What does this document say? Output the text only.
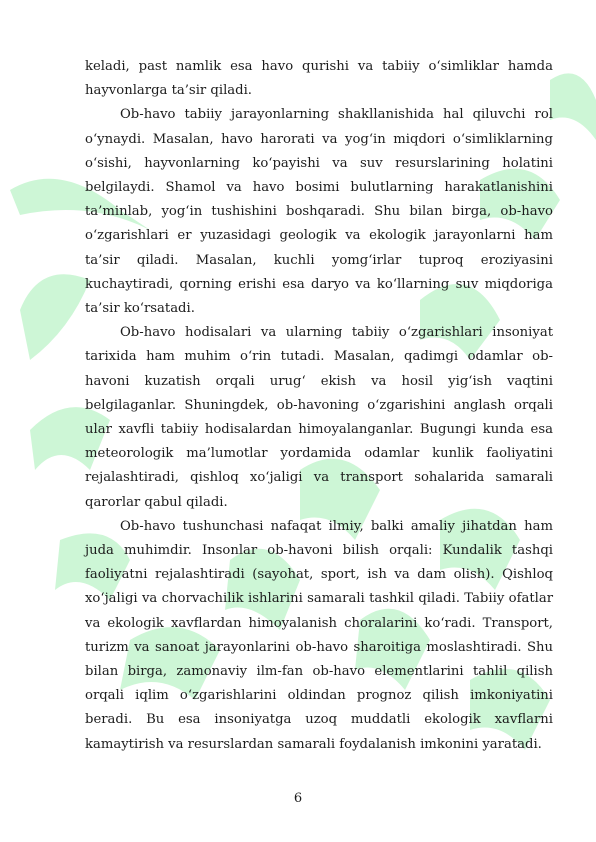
keladi, past namlik esa havo qurishi va tabiiy o‘simliklar hamda hayvonlarga ta’sir qiladi.

Ob-havo tabiiy jarayonlarning shakllanishida hal qiluvchi rol o‘ynaydi. Masalan, havo harorati va yog‘in miqdori o‘simliklarning o‘sishi, hayvonlarning ko‘payishi va suv resurslarining holatini belgilaydi. Shamol va havo bosimi bulutlarning harakatlanishini ta’minlab, yog‘in tushishini boshqaradi. Shu bilan birga, ob-havo o‘zgarishlari er yuzasidagi geologik va ekologik jarayonlarni ham ta’sir qiladi. Masalan, kuchli yomg‘irlar tuproq eroziyasini kuchaytiradi, qorning erishi esa daryo va ko‘llarning suv miqdoriga ta’sir ko‘rsatadi.

Ob-havo hodisalari va ularning tabiiy o‘zgarishlari insoniyat tarixida ham muhim o‘rin tutadi. Masalan, qadimgi odamlar ob-havoni kuzatish orqali urug‘ ekish va hosil yig‘ish vaqtini belgilaganlar. Shuningdek, ob-havoning o‘zgarishini anglash orqali ular xavfli tabiiy hodisalardan himoyalanganlar. Bugungi kunda esa meteorologik ma’lumotlar yordamida odamlar kunlik faoliyatini rejalashtiradi, qishloq xo‘jaligi va transport sohalarida samarali qarorlar qabul qiladi.

Ob-havo tushunchasi nafaqat ilmiy, balki amaliy jihatdan ham juda muhimdir. Insonlar ob-havoni bilish orqali: Kundalik tashqi faoliyatni rejalashtiradi (sayohat, sport, ish va dam olish). Qishloq xo‘jaligi va chorvachilik ishlarini samarali tashkil qiladi. Tabiiy ofatlar va ekologik xavflardan himoyalanish choralarini ko‘radi. Transport, turizm va sanoat jarayonlarini ob-havo sharoitiga moslashtiradi. Shu bilan birga, zamonaviy ilm-fan ob-havo elementlarini tahlil qilish orqali iqlim o‘zgarishlarini oldindan prognoz qilish imkoniyatini beradi. Bu esa insoniyatga uzoq muddatli ekologik xavflarni kamaytirish va resurslardan samarali foydalanish imkonini yaratadi.

6
